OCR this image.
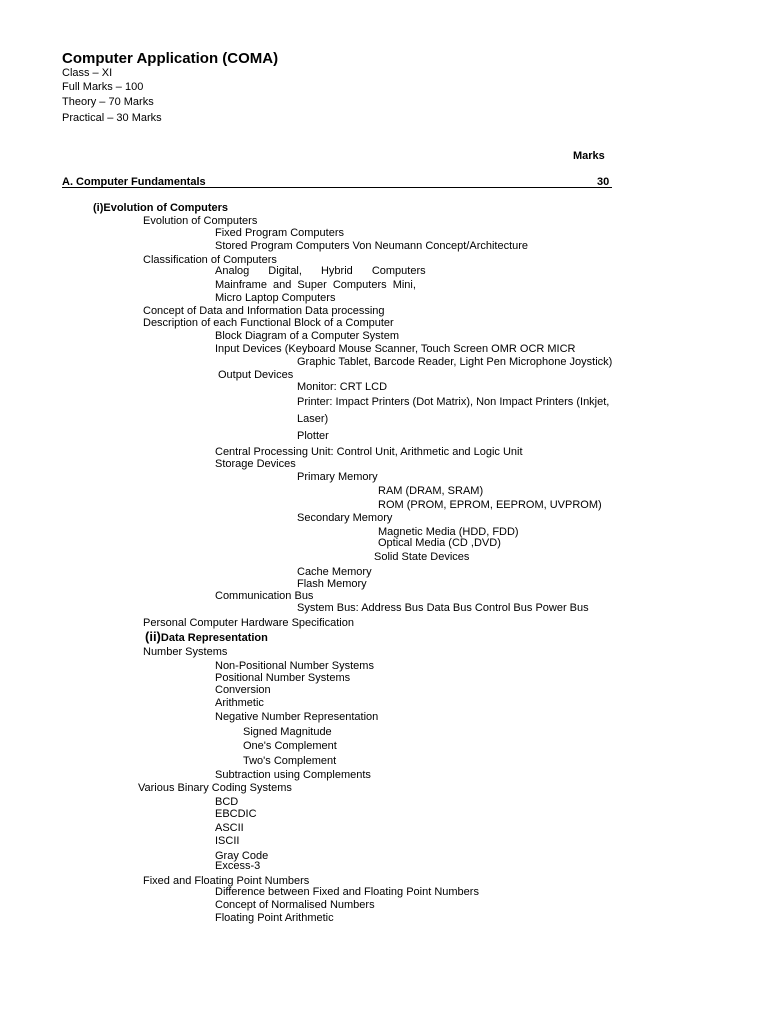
Computer Application (COMA)
Class – XI
Full Marks – 100
Theory – 70 Marks
Practical – 30 Marks
Marks
A. Computer Fundamentals	30
(i)Evolution of Computers
Evolution of Computers
Fixed Program Computers
Stored Program Computers Von Neumann Concept/Architecture
Classification of Computers
Analog Digital, Hybrid Computers
Mainframe and Super Computers Mini,
Micro Laptop Computers
Concept of Data and Information Data processing
Description of each Functional Block of a Computer
Block Diagram of a Computer System
Input Devices (Keyboard Mouse Scanner, Touch Screen OMR OCR MICR
Graphic Tablet, Barcode Reader, Light Pen Microphone Joystick)
Output Devices
Monitor: CRT LCD
Printer: Impact Printers (Dot Matrix), Non Impact Printers (Inkjet,
Laser)
Plotter
Central Processing Unit: Control Unit, Arithmetic and Logic Unit
Storage Devices
Primary Memory
RAM (DRAM, SRAM)
ROM (PROM, EPROM, EEPROM, UVPROM)
Secondary Memory
Magnetic Media (HDD, FDD)
Optical Media (CD ,DVD)
Solid State Devices
Cache Memory
Flash Memory
Communication Bus
System Bus: Address Bus Data Bus Control Bus Power Bus
Personal Computer Hardware Specification
(ii)Data Representation
Number Systems
Non-Positional Number Systems
Positional Number Systems
Conversion
Arithmetic
Negative Number Representation
Signed Magnitude
One's Complement
Two's Complement
Subtraction using Complements
Various Binary Coding Systems
BCD
EBCDIC
ASCII
ISCII
Gray Code
Excess-3
Fixed and Floating Point Numbers
Difference between Fixed and Floating Point Numbers
Concept of Normalised Numbers
Floating Point Arithmetic
